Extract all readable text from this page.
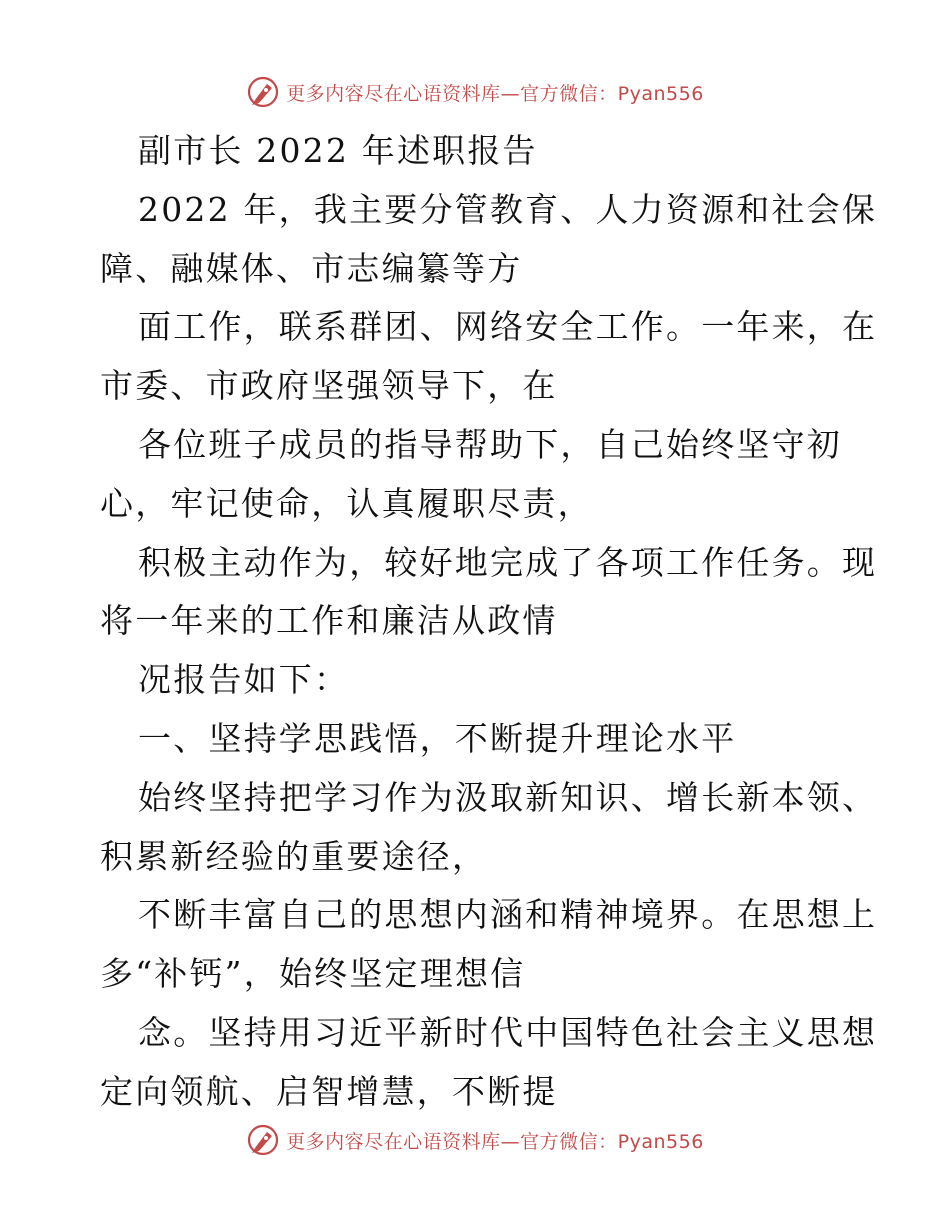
更多内容尽在心语资料库—官方微信：Pyan556
副市长 2022 年述职报告
2022 年，我主要分管教育、人力资源和社会保
障、融媒体、市志编纂等方
面工作，联系群团、网络安全工作。一年来，在
市委、市政府坚强领导下，在
各位班子成员的指导帮助下，自己始终坚守初
心，牢记使命，认真履职尽责，
积极主动作为，较好地完成了各项工作任务。现
将一年来的工作和廉洁从政情
况报告如下：
一、坚持学思践悟，不断提升理论水平
始终坚持把学习作为汲取新知识、增长新本领、
积累新经验的重要途径，
不断丰富自己的思想内涵和精神境界。在思想上
多“补钙”，始终坚定理想信
念。坚持用习近平新时代中国特色社会主义思想
定向领航、启智增慧，不断提
更多内容尽在心语资料库—官方微信：Pyan556
